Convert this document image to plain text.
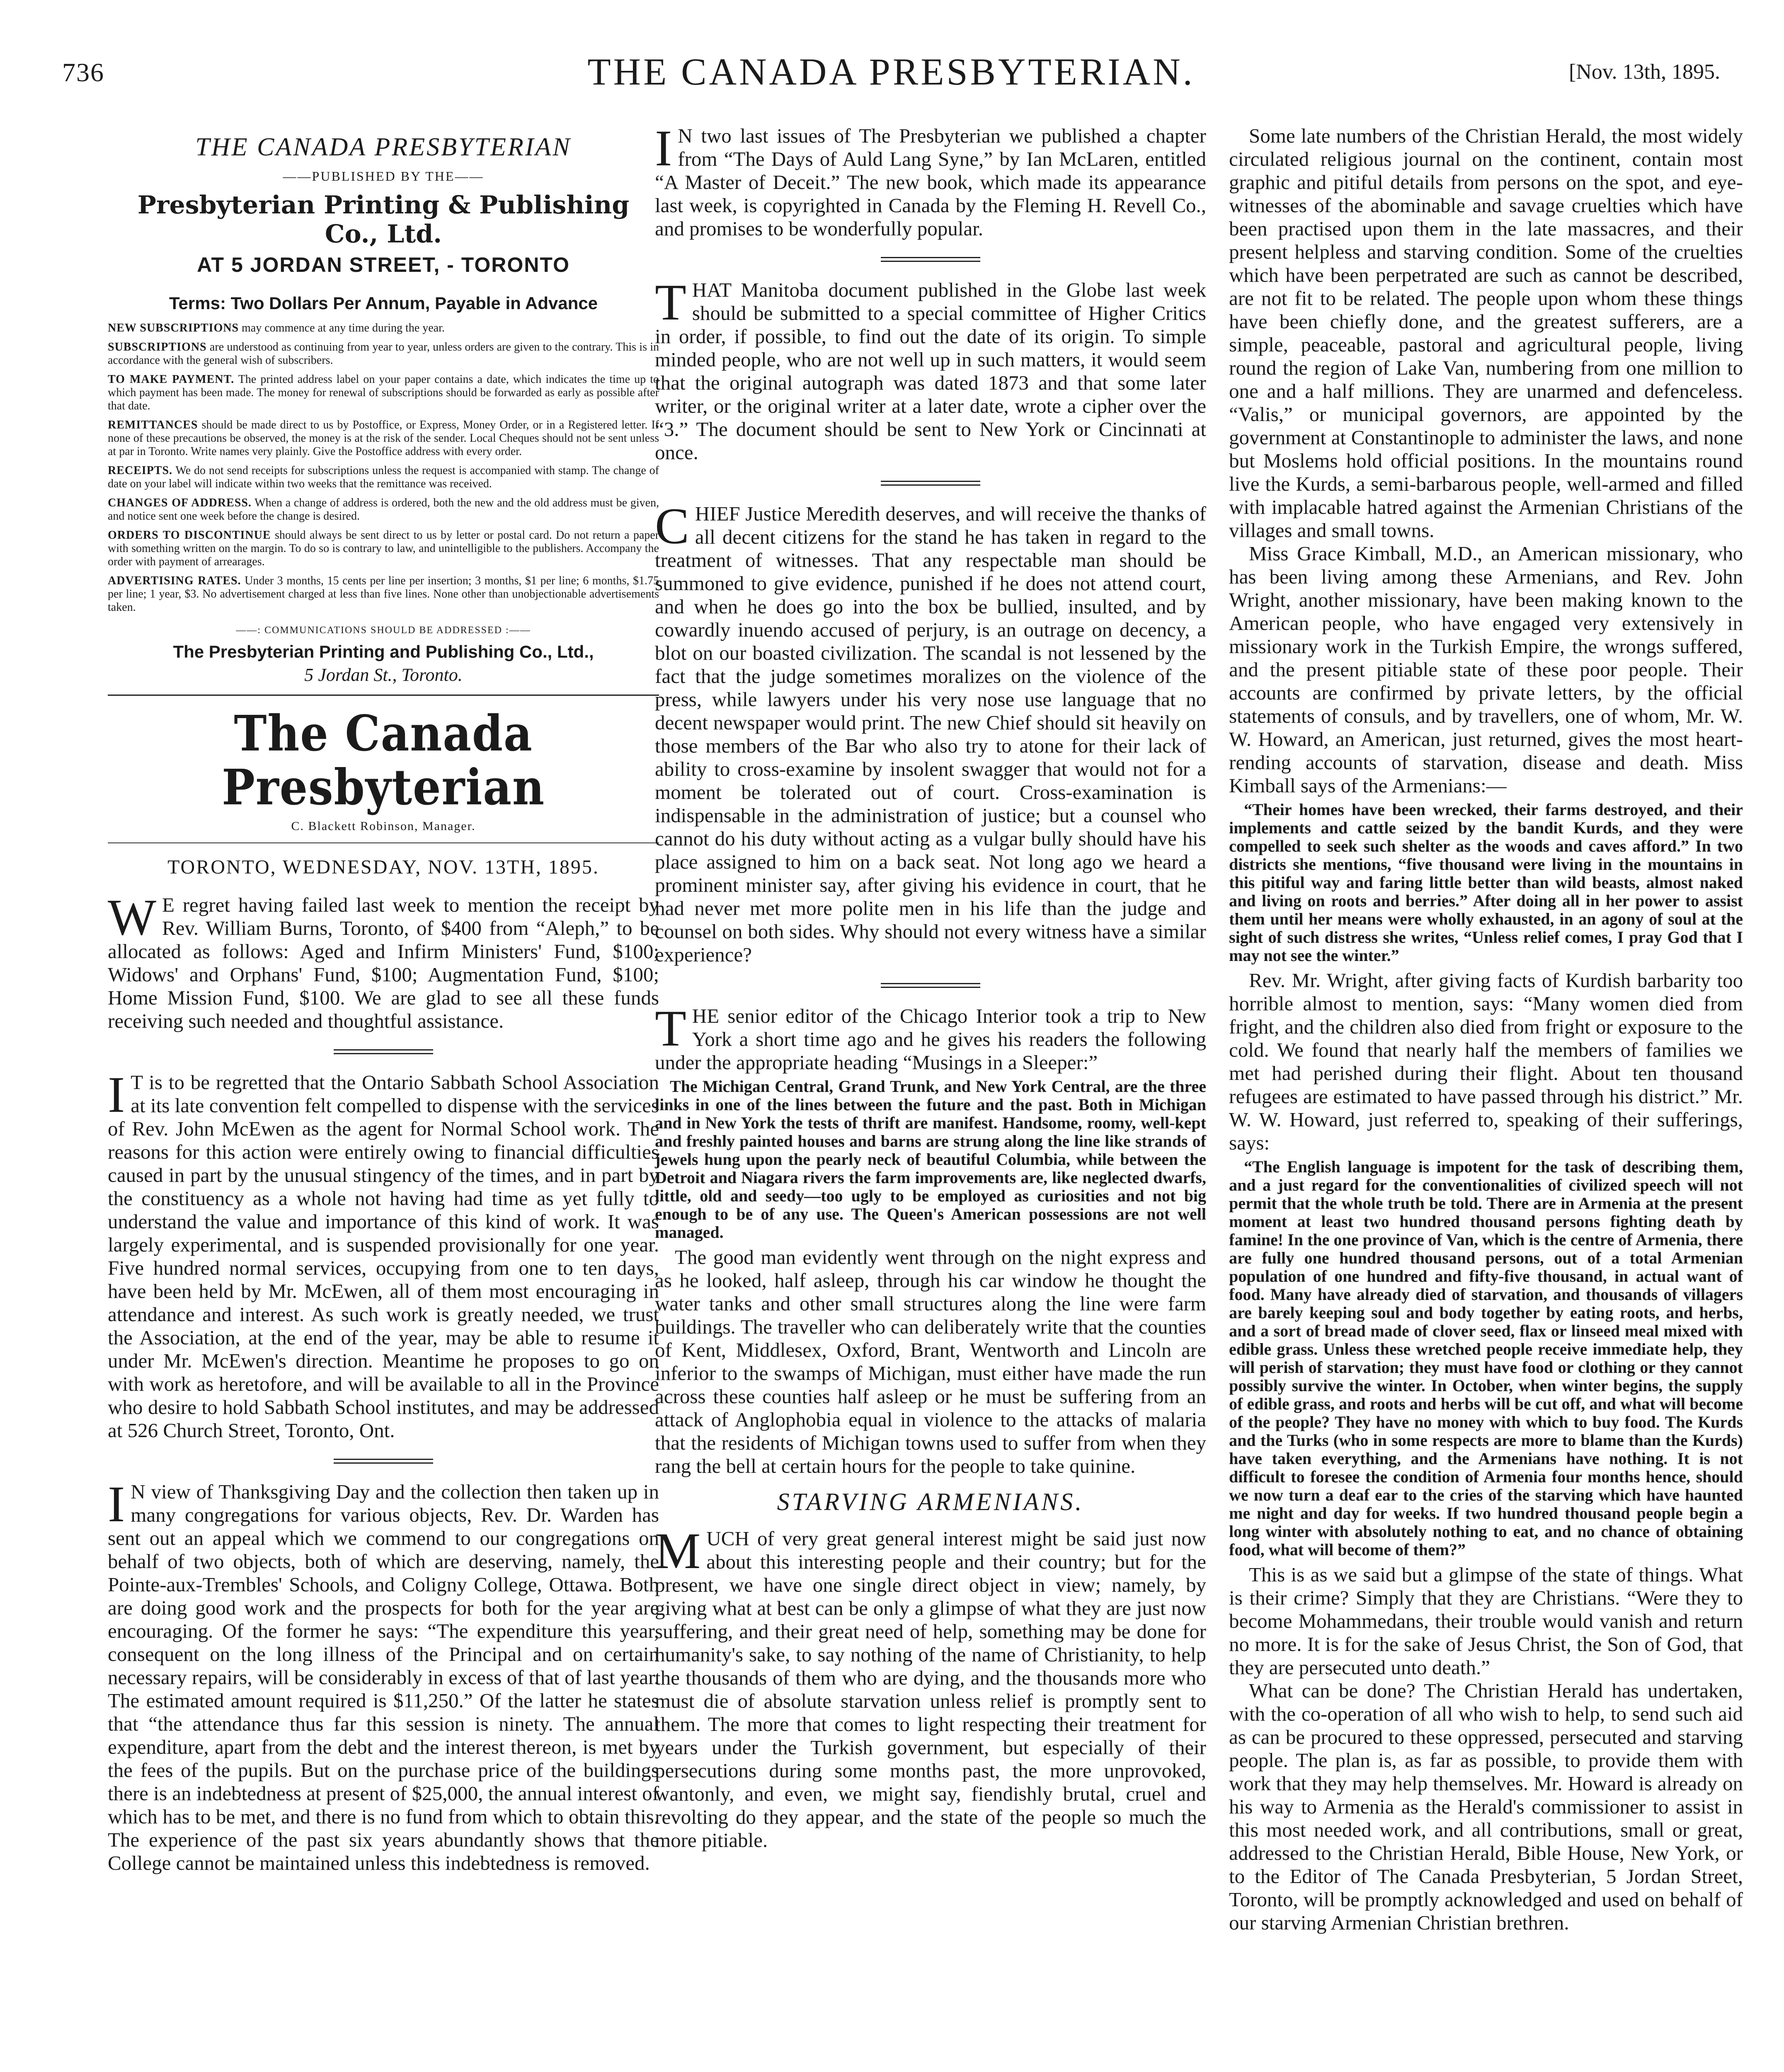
736	THE CANADA PRESBYTERIAN.	[Nov. 13th, 1895.
THE CANADA PRESBYTERIAN
——PUBLISHED BY THE——
Presbyterian Printing & Publishing Co., Ltd.
AT 5 JORDAN STREET, - TORONTO
Terms: Two Dollars Per Annum, Payable in Advance
NEW SUBSCRIPTIONS may commence at any time during the year.
SUBSCRIPTIONS are understood as continuing from year to year, unless orders are given to the contrary. This is in accordance with the general wish of subscribers.
TO MAKE PAYMENT. The printed address label on your paper contains a date, which indicates the time up to which payment has been made. The money for renewal of subscriptions should be forwarded as early as possible after that date.
REMITTANCES should be made direct to us by Postoffice, or Express, Money Order, or in a Registered letter. If none of these precautions be observed, the money is at the risk of the sender. Local Cheques should not be sent unless at par in Toronto. Write names very plainly. Give the Postoffice address with every order.
RECEIPTS. We do not send receipts for subscriptions unless the request is accompanied with stamp. The change of date on your label will indicate within two weeks that the remittance was received.
CHANGES OF ADDRESS. When a change of address is ordered, both the new and the old address must be given, and notice sent one week before the change is desired.
ORDERS TO DISCONTINUE should always be sent direct to us by letter or postal card. Do not return a paper with something written on the margin. To do so is contrary to law, and unintelligible to the publishers. Accompany the order with payment of arrearages.
ADVERTISING RATES. Under 3 months, 15 cents per line per insertion; 3 months, $1 per line; 6 months, $1.75 per line; 1 year, $3. No advertisement charged at less than five lines. None other than unobjectionable advertisements taken.
——: COMMUNICATIONS SHOULD BE ADDRESSED :——
The Presbyterian Printing and Publishing Co., Ltd.,
5 Jordan St., Toronto.
The Canada Presbyterian
C. Blackett Robinson, Manager.
TORONTO, WEDNESDAY, NOV. 13TH, 1895.

W E regret having failed last week to mention the receipt by Rev. William Burns, Toronto, of $400 from “Aleph,” to be allocated as follows: Aged and Infirm Ministers' Fund, $100; Widows' and Orphans' Fund, $100; Augmentation Fund, $100; Home Mission Fund, $100. We are glad to see all these funds receiving such needed and thoughtful assistance.

I T is to be regretted that the Ontario Sabbath School Association at its late convention felt compelled to dispense with the services of Rev. John McEwen as the agent for Normal School work. The reasons for this action were entirely owing to financial difficulties caused in part by the unusual stingency of the times, and in part by the constituency as a whole not having had time as yet fully to understand the value and importance of this kind of work. It was largely experimental, and is suspended provisionally for one year. Five hundred normal services, occupying from one to ten days, have been held by Mr. McEwen, all of them most encouraging in attendance and interest. As such work is greatly needed, we trust the Association, at the end of the year, may be able to resume it under Mr. McEwen's direction. Meantime he proposes to go on with work as heretofore, and will be available to all in the Province who desire to hold Sabbath School institutes, and may be addressed at 526 Church Street, Toronto, Ont.

I N view of Thanksgiving Day and the collection then taken up in many congregations for various objects, Rev. Dr. Warden has sent out an appeal which we commend to our congregations on behalf of two objects, both of which are deserving, namely, the Pointe-aux-Trembles' Schools, and Coligny College, Ottawa. Both are doing good work and the prospects for both for the year are encouraging. Of the former he says: “The expenditure this year, consequent on the long illness of the Principal and on certain necessary repairs, will be considerably in excess of that of last year. The estimated amount required is $11,250.” Of the latter he states that “the attendance thus far this session is ninety. The annual expenditure, apart from the debt and the interest thereon, is met by the fees of the pupils. But on the purchase price of the buildings there is an indebtedness at present of $25,000, the annual interest of which has to be met, and there is no fund from which to obtain this. The experience of the past six years abundantly shows that the College cannot be maintained unless this indebtedness is removed.

I N two last issues of The Presbyterian we published a chapter from “The Days of Auld Lang Syne,” by Ian McLaren, entitled “A Master of Deceit.” The new book, which made its appearance last week, is copyrighted in Canada by the Fleming H. Revell Co., and promises to be wonderfully popular.

THAT Manitoba document published in the Globe last week should be submitted to a special committee of Higher Critics in order, if possible, to find out the date of its origin. To simple minded people, who are not well up in such matters, it would seem that the original autograph was dated 1873 and that some later writer, or the original writer at a later date, wrote a cipher over the “3.” The document should be sent to New York or Cincinnati at once.

CHIEF Justice Meredith deserves, and will receive the thanks of all decent citizens for the stand he has taken in regard to the treatment of witnesses. That any respectable man should be summoned to give evidence, punished if he does not attend court, and when he does go into the box be bullied, insulted, and by cowardly inuendo accused of perjury, is an outrage on decency, a blot on our boasted civilization. The scandal is not lessened by the fact that the judge sometimes moralizes on the violence of the press, while lawyers under his very nose use language that no decent newspaper would print. The new Chief should sit heavily on those members of the Bar who also try to atone for their lack of ability to cross-examine by insolent swagger that would not for a moment be tolerated out of court. Cross-examination is indispensable in the administration of justice; but a counsel who cannot do his duty without acting as a vulgar bully should have his place assigned to him on a back seat. Not long ago we heard a prominent minister say, after giving his evidence in court, that he had never met more polite men in his life than the judge and counsel on both sides. Why should not every witness have a similar experience?

THE senior editor of the Chicago Interior took a trip to New York a short time ago and he gives his readers the following under the appropriate heading “Musings in a Sleeper:”

The Michigan Central, Grand Trunk, and New York Central, are the three links in one of the lines between the future and the past. Both in Michigan and in New York the tests of thrift are manifest. Handsome, roomy, well-kept and freshly painted houses and barns are strung along the line like strands of jewels hung upon the pearly neck of beautiful Columbia, while between the Detroit and Niagara rivers the farm improvements are, like neglected dwarfs, little, old and seedy—too ugly to be employed as curiosities and not big enough to be of any use. The Queen's American possessions are not well managed.

The good man evidently went through on the night express and as he looked, half asleep, through his car window he thought the water tanks and other small structures along the line were farm buildings. The traveller who can deliberately write that the counties of Kent, Middlesex, Oxford, Brant, Wentworth and Lincoln are inferior to the swamps of Michigan, must either have made the run across these counties half asleep or he must be suffering from an attack of Anglophobia equal in violence to the attacks of malaria that the residents of Michigan towns used to suffer from when they rang the bell at certain hours for the people to take quinine.

STARVING ARMENIANS.

MUCH of very great general interest might be said just now about this interesting people and their country; but for the present, we have one single direct object in view; namely, by giving what at best can be only a glimpse of what they are just now suffering, and their great need of help, something may be done for humanity's sake, to say nothing of the name of Christianity, to help the thousands of them who are dying, and the thousands more who must die of absolute starvation unless relief is promptly sent to them. The more that comes to light respecting their treatment for years under the Turkish government, but especially of their persecutions during some months past, the more unprovoked, wantonly, and even, we might say, fiendishly brutal, cruel and revolting do they appear, and the state of the people so much the more pitiable.

Some late numbers of the Christian Herald, the most widely circulated religious journal on the continent, contain most graphic and pitiful details from persons on the spot, and eye-witnesses of the abominable and savage cruelties which have been practised upon them in the late massacres, and their present helpless and starving condition. Some of the cruelties which have been perpetrated are such as cannot be described, are not fit to be related. The people upon whom these things have been chiefly done, and the greatest sufferers, are a simple, peaceable, pastoral and agricultural people, living round the region of Lake Van, numbering from one million to one and a half millions. They are unarmed and defenceless. “Valis,” or municipal governors, are appointed by the government at Constantinople to administer the laws, and none but Moslems hold official positions. In the mountains round live the Kurds, a semi-barbarous people, well-armed and filled with implacable hatred against the Armenian Christians of the villages and small towns.

Miss Grace Kimball, M.D., an American missionary, who has been living among these Armenians, and Rev. John Wright, another missionary, have been making known to the American people, who have engaged very extensively in missionary work in the Turkish Empire, the wrongs suffered, and the present pitiable state of these poor people. Their accounts are confirmed by private letters, by the official statements of consuls, and by travellers, one of whom, Mr. W. W. Howard, an American, just returned, gives the most heart-rending accounts of starvation, disease and death. Miss Kimball says of the Armenians:—

“Their homes have been wrecked, their farms destroyed, and their implements and cattle seized by the bandit Kurds, and they were compelled to seek such shelter as the woods and caves afford.” In two districts she mentions, “five thousand were living in the mountains in this pitiful way and faring little better than wild beasts, almost naked and living on roots and berries.” After doing all in her power to assist them until her means were wholly exhausted, in an agony of soul at the sight of such distress she writes, “Unless relief comes, I pray God that I may not see the winter.”

Rev. Mr. Wright, after giving facts of Kurdish barbarity too horrible almost to mention, says: “Many women died from fright, and the children also died from fright or exposure to the cold. We found that nearly half the members of families we met had perished during their flight. About ten thousand refugees are estimated to have passed through his district.” Mr. W. W. Howard, just referred to, speaking of their sufferings, says:

“The English language is impotent for the task of describing them, and a just regard for the conventionalities of civilized speech will not permit that the whole truth be told. There are in Armenia at the present moment at least two hundred thousand persons fighting death by famine! In the one province of Van, which is the centre of Armenia, there are fully one hundred thousand persons, out of a total Armenian population of one hundred and fifty-five thousand, in actual want of food. Many have already died of starvation, and thousands of villagers are barely keeping soul and body together by eating roots, and herbs, and a sort of bread made of clover seed, flax or linseed meal mixed with edible grass. Unless these wretched people receive immediate help, they will perish of starvation; they must have food or clothing or they cannot possibly survive the winter. In October, when winter begins, the supply of edible grass, and roots and herbs will be cut off, and what will become of the people? They have no money with which to buy food. The Kurds and the Turks (who in some respects are more to blame than the Kurds) have taken everything, and the Armenians have nothing. It is not difficult to foresee the condition of Armenia four months hence, should we now turn a deaf ear to the cries of the starving which have haunted me night and day for weeks. If two hundred thousand people begin a long winter with absolutely nothing to eat, and no chance of obtaining food, what will become of them?”

This is as we said but a glimpse of the state of things. What is their crime? Simply that they are Christians. “Were they to become Mohammedans, their trouble would vanish and return no more. It is for the sake of Jesus Christ, the Son of God, that they are persecuted unto death.”

What can be done? The Christian Herald has undertaken, with the co-operation of all who wish to help, to send such aid as can be procured to these oppressed, persecuted and starving people. The plan is, as far as possible, to provide them with work that they may help themselves. Mr. Howard is already on his way to Armenia as the Herald's commissioner to assist in this most needed work, and all contributions, small or great, addressed to the Christian Herald, Bible House, New York, or to the Editor of The Canada Presbyterian, 5 Jordan Street, Toronto, will be promptly acknowledged and used on behalf of our starving Armenian Christian brethren.
